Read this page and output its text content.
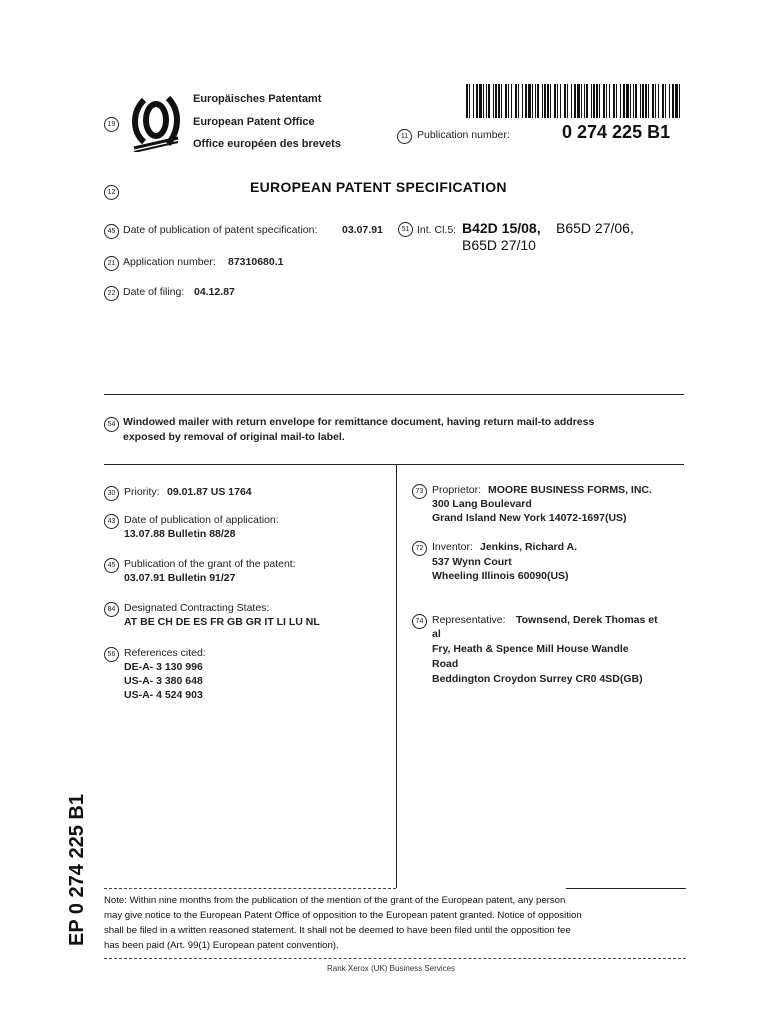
19
Europäisches Patentamt
European Patent Office
Office européen des brevets
11 Publication number:	0 274 225 B1
12	EUROPEAN PATENT SPECIFICATION
45 Date of publication of patent specification: 03.07.91	51 Int. Cl.5: B42D 15/08, B65D 27/06,
B65D 27/10
21 Application number: 87310680.1
22 Date of filing: 04.12.87
54 Windowed mailer with return envelope for remittance document, having return mail-to address
exposed by removal of original mail-to label.
30 Priority: 09.01.87 US 1764
43 Date of publication of application:
13.07.88 Bulletin 88/28
45 Publication of the grant of the patent:
03.07.91 Bulletin 91/27
84 Designated Contracting States:
AT BE CH DE ES FR GB GR IT LI LU NL
56 References cited:
DE-A- 3 130 996
US-A- 3 380 648
US-A- 4 524 903
73 Proprietor: MOORE BUSINESS FORMS, INC.
300 Lang Boulevard
Grand Island New York 14072-1697(US)
72 Inventor: Jenkins, Richard A.
537 Wynn Court
Wheeling Illinois 60090(US)
74 Representative: Townsend, Derek Thomas et
al
Fry, Heath & Spence Mill House Wandle
Road
Beddington Croydon Surrey CR0 4SD(GB)
EP 0 274 225 B1 Note: Within nine months from the publication of the mention of the grant of the European patent, any person
may give notice to the European Patent Office of opposition to the European patent granted. Notice of opposition
shall be filed in a written reasoned statement. It shall not be deemed to have been filed until the opposition fee
has been paid (Art. 99(1) European patent convention).
Rank Xerox (UK) Business Services
